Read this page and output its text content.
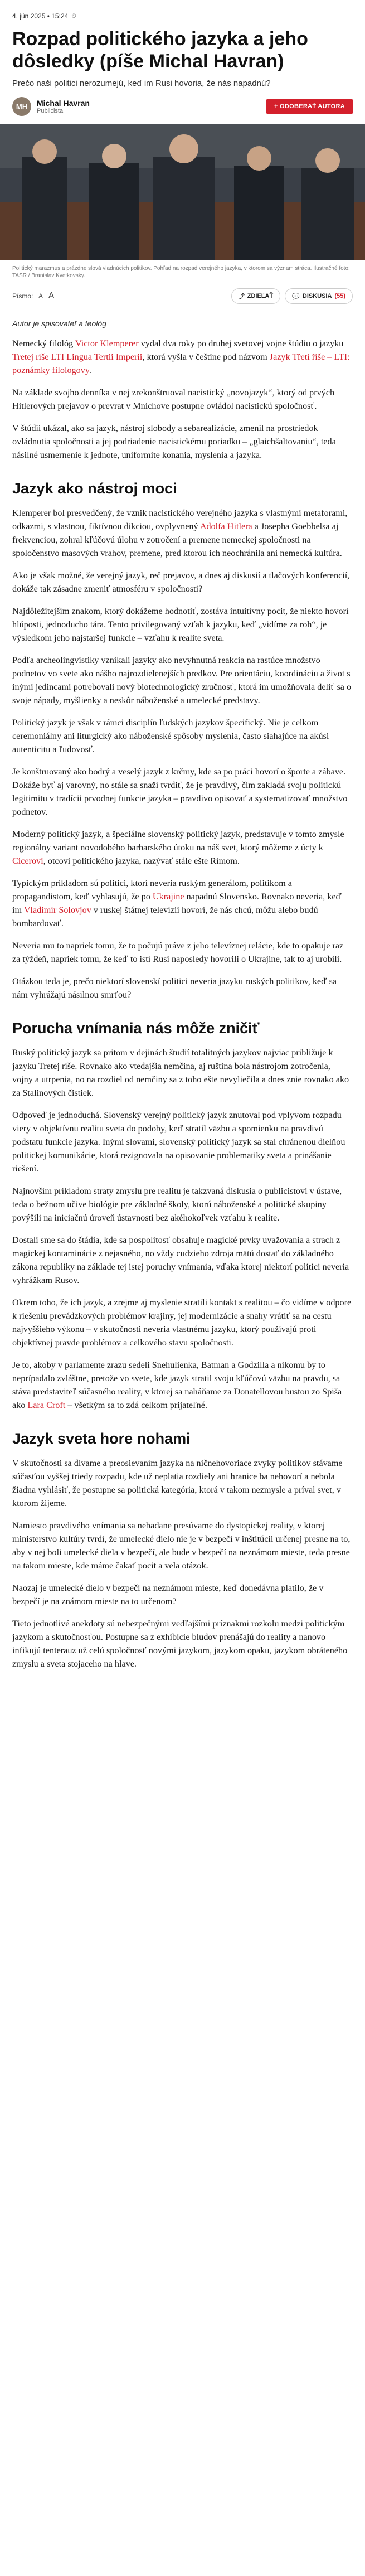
4. jún 2025 • 15:24 ⏲
Rozpad politického jazyka a jeho dôsledky (píše Michal Havran)

Prečo naši politici nerozumejú, keď im Rusi hovoria, že nás napadnú?

MH	Michal Havran
Publicista
+ ODOBERAŤ AUTORA

Politický marazmus a prázdne slová vladnúcich politikov. Pohľad na rozpad verejného jazyka, v ktorom sa význam stráca. Ilustračné foto: TASR / Branislav Kvetkovsky.

Písmo: A A	⤴ ZDIEĽAŤ	💬 DISKUSIA (55)

Autor je spisovateľ a teológ

Nemecký filológ Victor Klemperer vydal dva roky po druhej svetovej vojne štúdiu o jazyku Tretej ríše LTI Lingua Tertii Imperii, ktorá vyšla v češtine pod názvom Jazyk Třetí říše – LTI: poznámky filologovy.

Na základe svojho denníka v nej zrekonštruoval nacistický „novojazyk“, ktorý od prvých Hitlerových prejavov o prevrat v Mníchove postupne ovládol nacistickú spoločnosť.

V štúdii ukázal, ako sa jazyk, nástroj slobody a sebarealizácie, zmenil na prostriedok ovládnutia spoločnosti a jej podriadenie nacistickému poriadku – „glaichšaltovaniu“, teda násilné usmernenie k jednote, uniformite konania, myslenia a jazyka.

Jazyk ako nástroj moci

Klemperer bol presvedčený, že vznik nacistického verejného jazyka s vlastnými metaforami, odkazmi, s vlastnou, fiktívnou dikciou, ovplyvnený Adolfa Hitlera a Josepha Goebbelsa aj frekvenciou, zohral kľúčovú úlohu v zotročení a premene nemeckej spoločnosti na spoločenstvo masových vrahov, premene, pred ktorou ich neochránila ani nemecká kultúra.

Ako je však možné, že verejný jazyk, reč prejavov, a dnes aj diskusií a tlačových konferencií, dokáže tak zásadne zmeniť atmosféru v spoločnosti?

Najdôležitejším znakom, ktorý dokážeme hodnotiť, zostáva intuitívny pocit, že niekto hovorí hlúposti, jednoducho tára. Tento privilegovaný vzťah k jazyku, keď „vidíme za roh“, je výsledkom jeho najstaršej funkcie – vzťahu k realite sveta.

Podľa archeolingvistiky vznikali jazyky ako nevyhnutná reakcia na rastúce množstvo podnetov vo svete ako nášho najrozdielenejších predkov. Pre orientáciu, koordináciu a život s inými jedincami potrebovali nový biotechnologický zručnosť, ktorá im umožňovala deliť sa o svoje nápady, myšlienky a neskôr náboženské a umelecké predstavy.

Politický jazyk je však v rámci disciplín ľudských jazykov špecifický. Nie je celkom ceremoniálny ani liturgický ako náboženské spôsoby myslenia, často siahajúce na akúsi autenticitu a ľudovosť.

Je konštruovaný ako bodrý a veselý jazyk z krčmy, kde sa po práci hovorí o športe a zábave. Dokáže byť aj varovný, no stále sa snaží tvrdiť, že je pravdivý, čím zakladá svoju politickú legitimitu v tradícii prvodnej funkcie jazyka – pravdivo opisovať a systematizovať množstvo podnetov.

Moderný politický jazyk, a špeciálne slovenský politický jazyk, predstavuje v tomto zmysle regionálny variant novodobého barbarského útoku na náš svet, ktorý môžeme z úcty k Cicerovi, otcovi politického jazyka, nazývať stále ešte Rímom.

Typickým príkladom sú politici, ktorí neveria ruským generálom, politikom a propagandistom, keď vyhlasujú, že po Ukrajine napadnú Slovensko. Rovnako neveria, keď im Vladimír Solovjov v ruskej štátnej televízii hovorí, že nás chcú, môžu alebo budú bombardovať.

Neveria mu to napriek tomu, že to počujú práve z jeho televíznej relácie, kde to opakuje raz za týždeň, napriek tomu, že keď to istí Rusi naposledy hovorili o Ukrajine, tak to aj urobili.

Otázkou teda je, prečo niektorí slovenskí politici neveria jazyku ruských politikov, keď sa nám vyhrážajú násilnou smrťou?

Porucha vnímania nás môže zničiť

Ruský politický jazyk sa pritom v dejinách študií totalitných jazykov najviac približuje k jazyku Tretej ríše. Rovnako ako vtedajšia nemčina, aj ruština bola nástrojom zotročenia, vojny a utrpenia, no na rozdiel od nemčiny sa z toho ešte nevyliečila a dnes znie rovnako ako za Stalinových čistiek.

Odpoveď je jednoduchá. Slovenský verejný politický jazyk znutoval pod vplyvom rozpadu viery v objektívnu realitu sveta do podoby, keď stratil väzbu a spomienku na pravdivú podstatu funkcie jazyka. Inými slovami, slovenský politický jazyk sa stal chránenou dielňou politickej komunikácie, ktorá rezignovala na opisovanie problematiky sveta a prinášanie riešení.

Najnovším príkladom straty zmyslu pre realitu je takzvaná diskusia o publicistovi v ústave, teda o bežnom učive biológie pre základné školy, ktorú náboženské a politické skupiny povýšili na iniciačnú úroveň ústavnosti bez akéhokoľvek vzťahu k realite.

Dostali sme sa do štádia, kde sa pospolitosť obsahuje magické prvky uvažovania a strach z magickej kontaminácie z nejasného, no vždy cudzieho zdroja mätú dostať do základného zákona republiky na základe tej istej poruchy vnímania, vďaka ktorej niektorí politici neveria vyhrážkam Rusov.

Okrem toho, že ich jazyk, a zrejme aj myslenie stratili kontakt s realitou – čo vidíme v odpore k riešeniu prevádzkových problémov krajiny, jej modernizácie a snahy vrátiť sa na cestu najvyššieho výkonu – v skutočnosti neveria vlastnému jazyku, ktorý používajú proti objektívnej pravde problémov a celkového stavu spoločnosti.

Je to, akoby v parlamente zrazu sedeli Snehulienka, Batman a Godzilla a nikomu by to neprípadalo zvláštne, pretože vo svete, kde jazyk stratil svoju kľúčovú väzbu na pravdu, sa stáva predstaviteľ súčasného reality, v ktorej sa naháňame za Donatellovou bustou zo Spiša ako Lara Croft – všetkým sa to zdá celkom prijateľné.

Jazyk sveta hore nohami

V skutočnosti sa dívame a preosievaním jazyka na ničnehovoriace zvyky politikov stávame súčasťou vyššej triedy rozpadu, kde už neplatia rozdiely ani hranice ba nehovorí a nebola žiadna vyhlásiť, že postupne sa politická kategória, ktorá v takom nezmysle a príval svet, v ktorom žijeme.

Namiesto pravdivého vnímania sa nebadane presúvame do dystopickej reality, v ktorej ministerstvo kultúry tvrdí, že umelecké dielo nie je v bezpečí v inštitúcii určenej presne na to, aby v nej boli umelecké diela v bezpečí, ale bude v bezpečí na neznámom mieste, teda presne na takom mieste, kde máme čakať pocit a vela otázok.

Naozaj je umelecké dielo v bezpečí na neznámom mieste, keď donedávna platilo, že v bezpečí je na známom mieste na to určenom?

Tieto jednotlivé anekdoty sú nebezpečnými vedľajšími príznakmi rozkolu medzi politickým jazykom a skutočnosťou. Postupne sa z exhibície bludov prenášajú do reality a nanovo infikujú tenterauz už celú spoločnosť novými jazykom, jazykom opaku, jazykom obráteného zmyslu a sveta stojaceho na hlave.
